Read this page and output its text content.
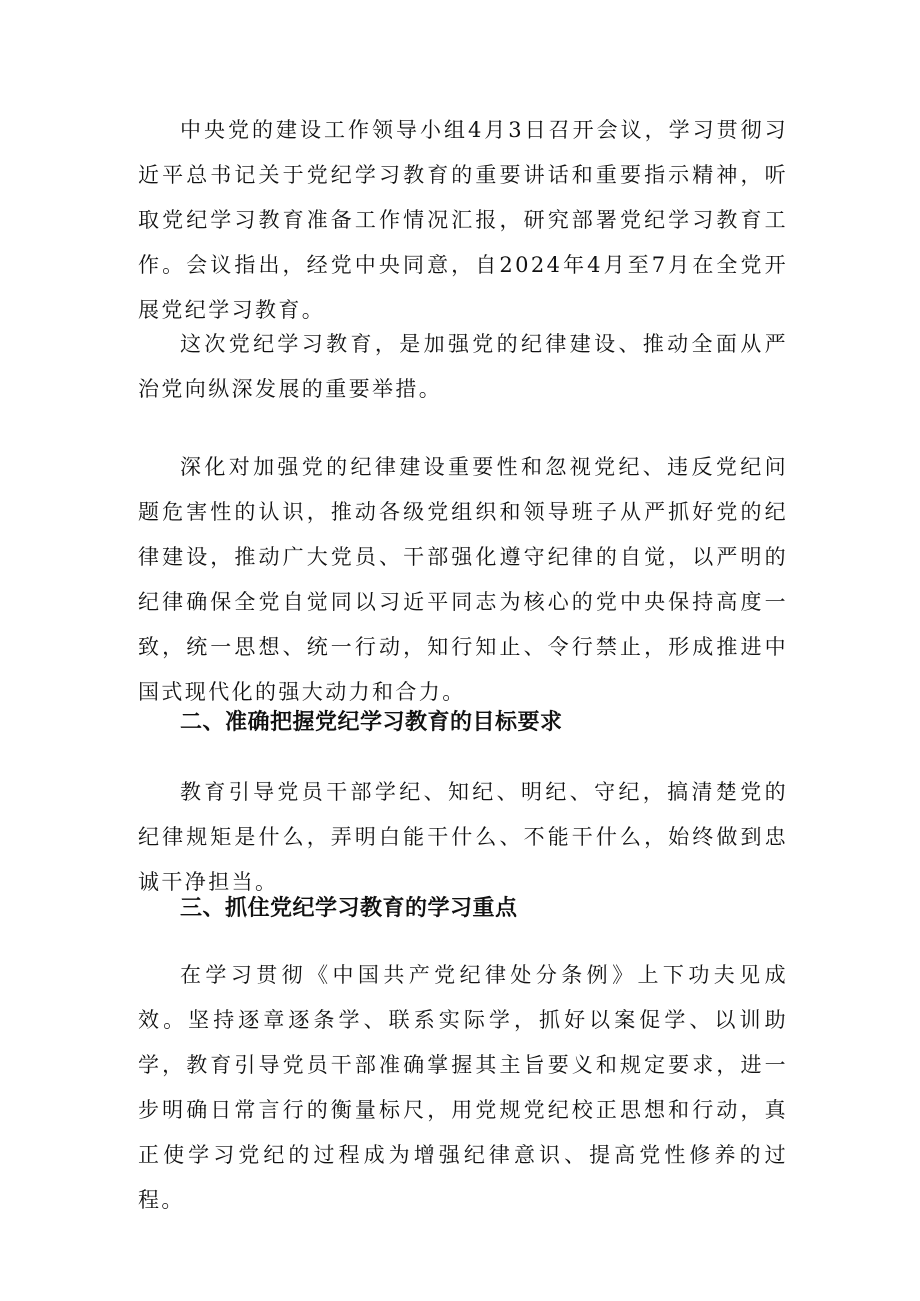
中央党的建设工作领导小组4月3日召开会议，学习贯彻习近平总书记关于党纪学习教育的重要讲话和重要指示精神，听取党纪学习教育准备工作情况汇报，研究部署党纪学习教育工作。会议指出，经党中央同意，自2024年4月至7月在全党开展党纪学习教育。

这次党纪学习教育，是加强党的纪律建设、推动全面从严治党向纵深发展的重要举措。

深化对加强党的纪律建设重要性和忽视党纪、违反党纪问题危害性的认识，推动各级党组织和领导班子从严抓好党的纪律建设，推动广大党员、干部强化遵守纪律的自觉，以严明的纪律确保全党自觉同以习近平同志为核心的党中央保持高度一致，统一思想、统一行动，知行知止、令行禁止，形成推进中国式现代化的强大动力和合力。

二、准确把握党纪学习教育的目标要求

教育引导党员干部学纪、知纪、明纪、守纪，搞清楚党的纪律规矩是什么，弄明白能干什么、不能干什么，始终做到忠诚干净担当。

三、抓住党纪学习教育的学习重点

在学习贯彻《中国共产党纪律处分条例》上下功夫见成效。坚持逐章逐条学、联系实际学，抓好以案促学、以训助学，教育引导党员干部准确掌握其主旨要义和规定要求，进一步明确日常言行的衡量标尺，用党规党纪校正思想和行动，真正使学习党纪的过程成为增强纪律意识、提高党性修养的过程。
